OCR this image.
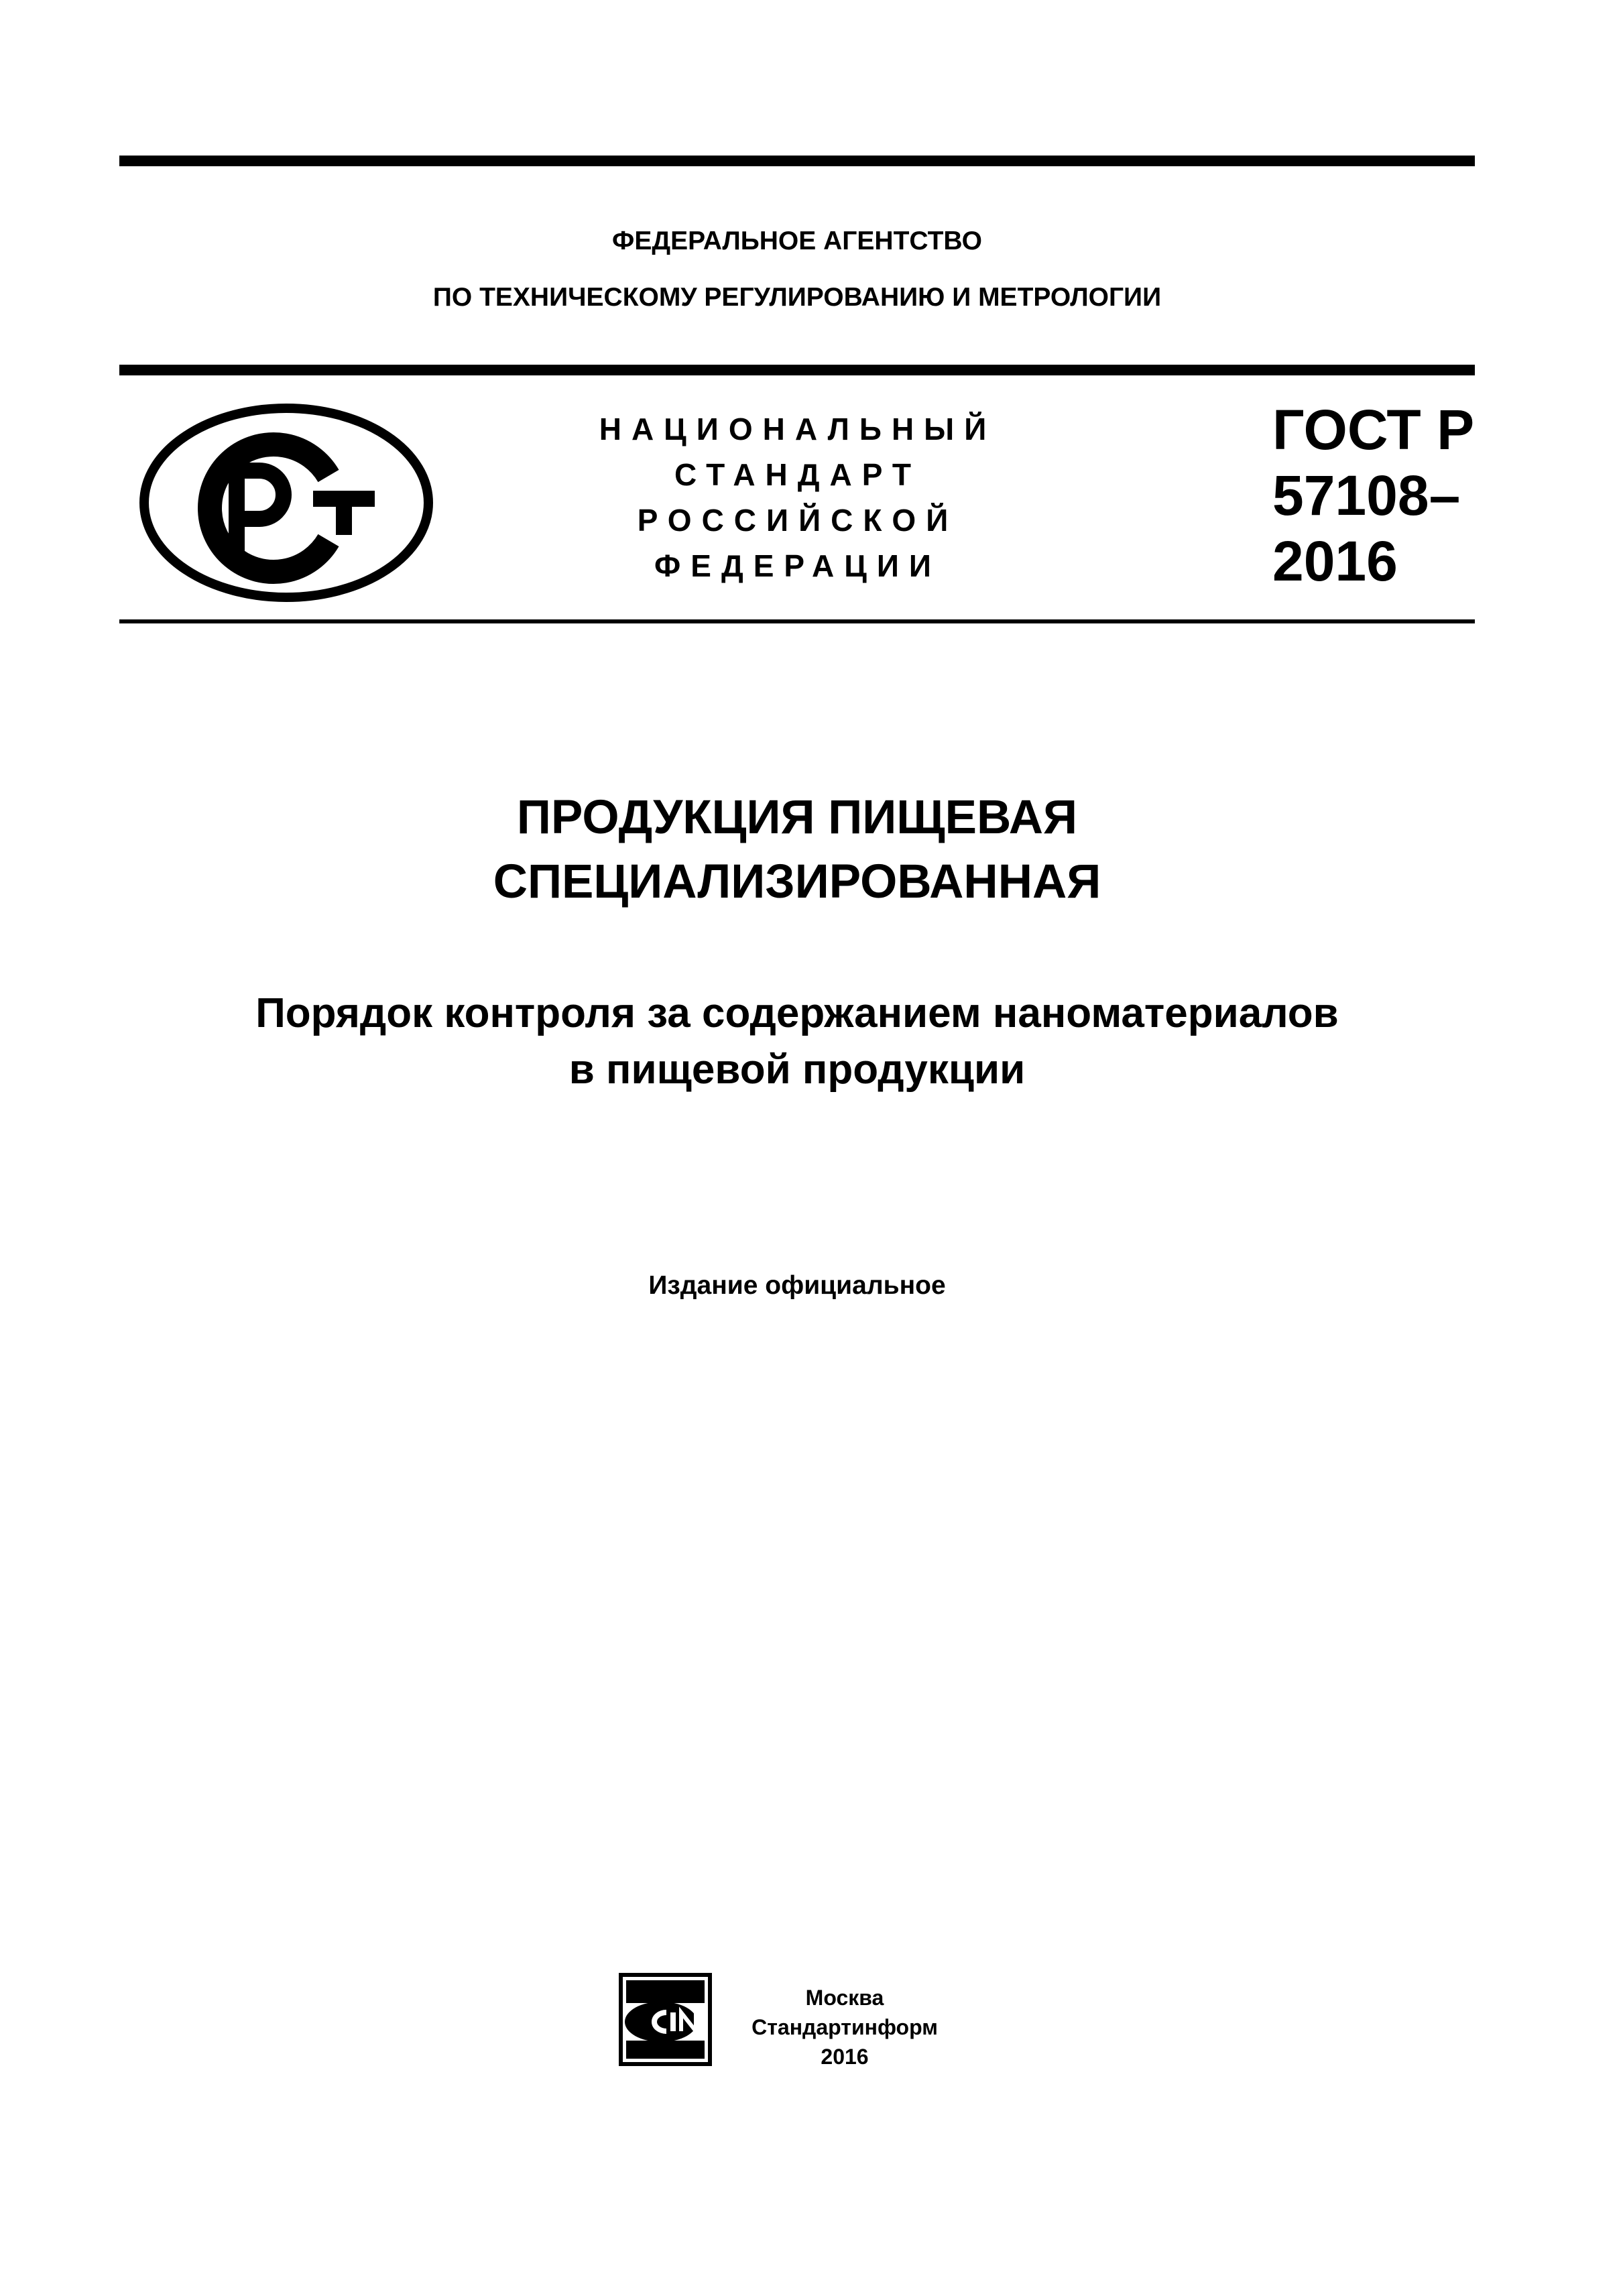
ФЕДЕРАЛЬНОЕ АГЕНТСТВО
ПО ТЕХНИЧЕСКОМУ РЕГУЛИРОВАНИЮ И МЕТРОЛОГИИ
НАЦИОНАЛЬНЫЙ
СТАНДАРТ
РОССИЙСКОЙ
ФЕДЕРАЦИИ
ГОСТ Р
57108–
2016
ПРОДУКЦИЯ ПИЩЕВАЯ
СПЕЦИАЛИЗИРОВАННАЯ
Порядок контроля за содержанием наноматериалов
в пищевой продукции
Издание официальное
Москва
Стандартинформ
2016
